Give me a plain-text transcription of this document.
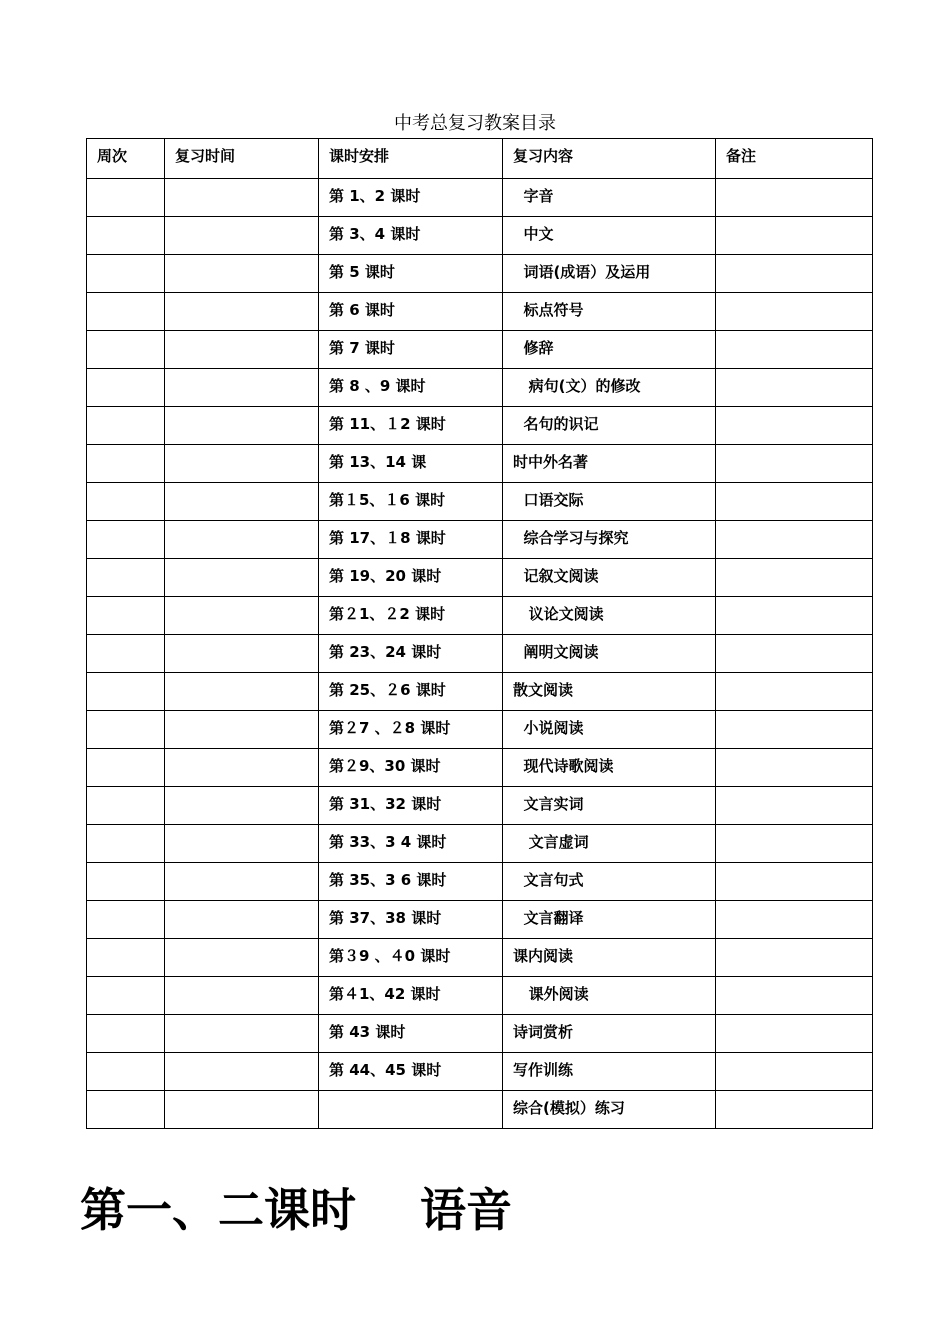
中考总复习教案目录
周次	复习时间	课时安排	复习内容	备注
		第 1、2 课时	字音	
		第 3、4 课时	中文	
		第 5 课时	词语(成语）及运用	
		第 6 课时	标点符号	
		第 7 课时	修辞	
		第 8 、9 课时	病句(文）的修改	
		第 11、１2 课时	名句的识记	
		第 13、14 课	时中外名著	
		第１5、１6 课时	口语交际	
		第 17、１8 课时	综合学习与探究	
		第 19、20 课时	记叙文阅读	
		第２1、２2 课时	议论文阅读	
		第 23、24 课时	阐明文阅读	
		第 25、２6 课时	散文阅读	
		第２7 、２8 课时	小说阅读	
		第２9、30 课时	现代诗歌阅读	
		第 31、32 课时	文言实词	
		第 33、3 4 课时	文言虚词	
		第 35、3 6 课时	文言句式	
		第 37、38 课时	文言翻译	
		第３9 、４0 课时	课内阅读	
		第４1、42 课时	课外阅读	
		第 43 课时	诗词赏析	
		第 44、45 课时	写作训练	
			综合(模拟）练习	
第一、二课时    语音
